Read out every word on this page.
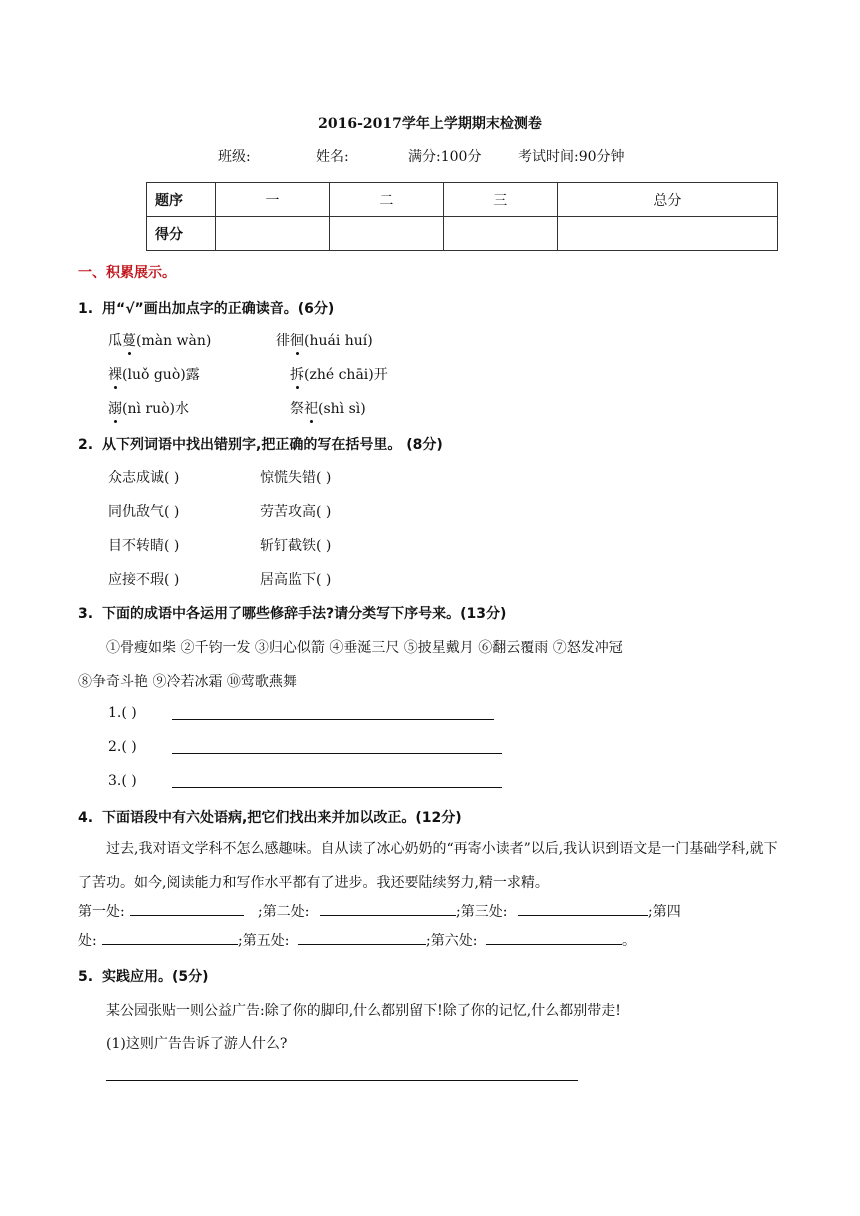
2016-2017学年上学期期末检测卷
班级:	姓名:	满分:100分	考试时间:90分钟
题序	一	二	三	总分
得分				
一、积累展示。
1. 用“√”画出加点字的正确读音。(6分)
瓜蔓(màn wàn)	徘徊(huái huí)
裸(luǒ guò)露	拆(zhé chāi)开
溺(nì ruò)水	祭祀(shì sì)
2. 从下列词语中找出错别字,把正确的写在括号里。 (8分)
众志成诚( )	惊慌失错( )
同仇敌气( )	劳苦攻高( )
目不转睛( )	斩钉截铁( )
应接不瑕( )	居高监下( )
3. 下面的成语中各运用了哪些修辞手法?请分类写下序号来。(13分)
①骨瘦如柴 ②千钧一发 ③归心似箭 ④垂涎三尺 ⑤披星戴月 ⑥翻云覆雨 ⑦怒发冲冠
⑧争奇斗艳 ⑨冷若冰霜 ⑩莺歌燕舞
1.( )
2.( )
3.( )
4. 下面语段中有六处语病,把它们找出来并加以改正。(12分)
过去,我对语文学科不怎么感趣味。自从读了冰心奶奶的“再寄小读者”以后,我认识到语文是一门基础学科,就下了苦功。如今,阅读能力和写作水平都有了进步。我还要陆续努力,精一求精。
第一处:	;第二处:	;第三处:	;第四
处:	;第五处:	;第六处:	。
5. 实践应用。(5分)
某公园张贴一则公益广告:除了你的脚印,什么都别留下!除了你的记忆,什么都别带走!
(1)这则广告告诉了游人什么?
